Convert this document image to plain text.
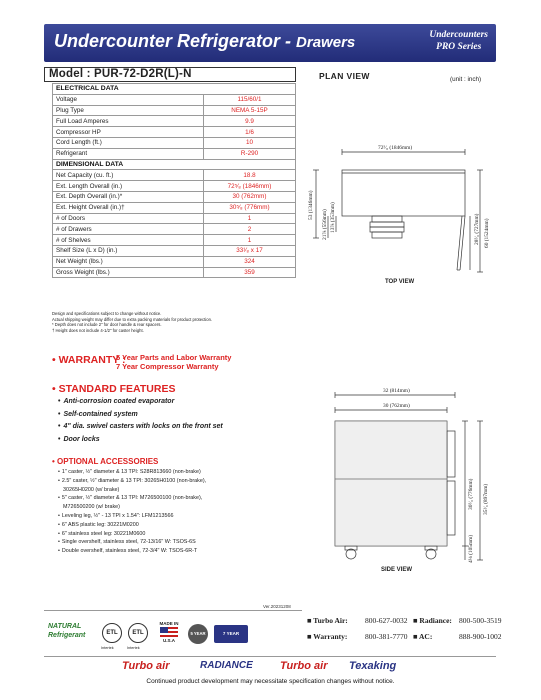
Undercounter Refrigerator - Drawers	Undercounters
PRO Series
Model : PUR-72-D2R(L)-N
ELECTRICAL DATA	
Voltage	115/60/1
Plug Type	NEMA 5-15P
Full Load Amperes	9.9
Compressor HP	1/6
Cord Length (ft.)	10
Refrigerant	R-290
DIMENSIONAL DATA	
Net Capacity (cu. ft.)	18.8
Ext. Length Overall (in.)	72⁵⁄₈ (1846mm)
Ext. Depth Overall (in.)*	30 (762mm)
Ext. Height Overall (in.)†	30⁵⁄₈ (776mm)
# of Doors	1
# of Drawers	2
# of Shelves	1
Shelf Size (L x D) (in.)	33¹⁄₈ x 17
Net Weight (lbs.)	324
Gross Weight (lbs.)	359
Design and specifications subject to change without notice.
Actual shipping weight may differ due to extra packing materials for product protection.
* Depth does not include 2" for door handle & rear spacers.
† Height does not include 4-1/2" for caster height.
• WARRANTY :
5 Year Parts and Labor Warranty
7 Year Compressor Warranty
• STANDARD FEATURES
• Anti-corrosion coated evaporator
• Self-contained system
• 4" dia. swivel casters with locks on the front set
• Door locks
• OPTIONAL ACCESSORIES
• 1" caster, ½" diameter & 13 TPI: S28R813660 (non-brake)
• 2.5" caster, ½" diameter & 13 TPI: 30265H0100 (non-brake),
30265H0200 (w/ brake)
• 5" caster, ½" diameter & 13 TPI: M726500100 (non-brake),
M726500200 (w/ brake)
• Leveling leg, ½" - 13 TPI x 1.54": LFM1213566
• 6" ABS plastic leg: 30221M0200
• 6" stainless steel leg: 30221M0600
• Single overshelf, stainless steel, 72-13/16" W: TSOS-6S
• Double overshelf, stainless steel, 72-3/4" W: TSOS-6R-T
Ver.20231208
PLAN VIEW	(unit : inch)
72⁵⁄₈ (1846mm)
53 (1346mm)
21⅞ (556mm) 13⅞ (353mm)	28⁵⁄₈ (727mm) 60 (1524mm)
TOP VIEW
32 (814mm)
30 (762mm)
30⁵⁄₈ (776mm) 35¹⁄₈ (897mm)
4⅛ (105mm)
SIDE VIEW
NATURAL
Refrigerant	ETL
Intertek
ETL
Intertek
MADE IN
U.S.A
5 YEAR	7 YEAR
■ Turbo Air: 800-627-0032 ■ Radiance: 800-500-3519
■ Warranty: 800-381-7770 ■ AC:	888-900-1002
Turbo air	RADIANCE Turbo air Texaking
Continued product development may necessitate specification changes without notice.
